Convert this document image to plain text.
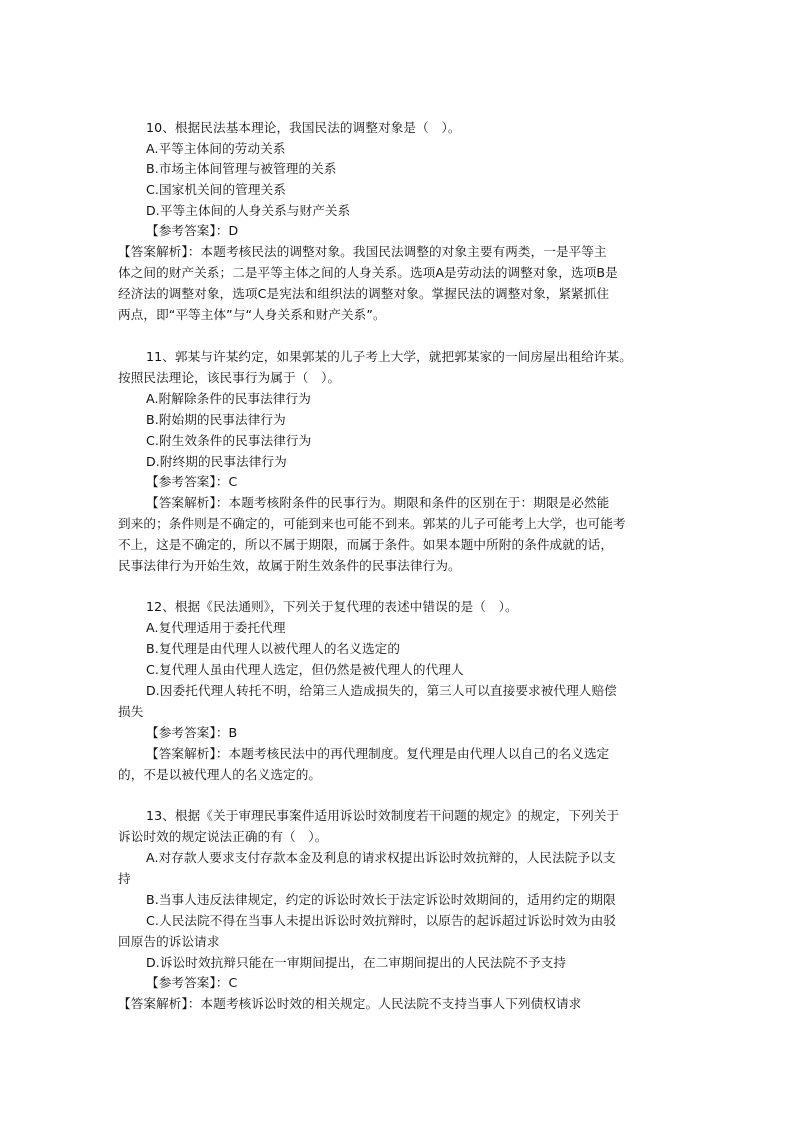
10、根据民法基本理论，我国民法的调整对象是（　）。
A.平等主体间的劳动关系
B.市场主体间管理与被管理的关系
C.国家机关间的管理关系
D.平等主体间的人身关系与财产关系
【参考答案】：D
【答案解析】：本题考核民法的调整对象。我国民法调整的对象主要有两类，一是平等主
体之间的财产关系；二是平等主体之间的人身关系。选项A是劳动法的调整对象，选项B是
经济法的调整对象，选项C是宪法和组织法的调整对象。掌握民法的调整对象，紧紧抓住
两点，即“平等主体”与“人身关系和财产关系”。
11、郭某与许某约定，如果郭某的儿子考上大学，就把郭某家的一间房屋出租给许某。
按照民法理论，该民事行为属于（　）。
A.附解除条件的民事法律行为
B.附始期的民事法律行为
C.附生效条件的民事法律行为
D.附终期的民事法律行为
【参考答案】：C
【答案解析】：本题考核附条件的民事行为。期限和条件的区别在于：期限是必然能
到来的；条件则是不确定的，可能到来也可能不到来。郭某的儿子可能考上大学，也可能考
不上，这是不确定的，所以不属于期限，而属于条件。如果本题中所附的条件成就的话，
民事法律行为开始生效，故属于附生效条件的民事法律行为。
12、根据《民法通则》，下列关于复代理的表述中错误的是（　）。
A.复代理适用于委托代理
B.复代理是由代理人以被代理人的名义选定的
C.复代理人虽由代理人选定，但仍然是被代理人的代理人
D.因委托代理人转托不明，给第三人造成损失的，第三人可以直接要求被代理人赔偿
损失
【参考答案】：B
【答案解析】：本题考核民法中的再代理制度。复代理是由代理人以自己的名义选定
的，不是以被代理人的名义选定的。
13、根据《关于审理民事案件适用诉讼时效制度若干问题的规定》的规定，下列关于
诉讼时效的规定说法正确的有（　）。
A.对存款人要求支付存款本金及利息的请求权提出诉讼时效抗辩的，人民法院予以支
持
B.当事人违反法律规定，约定的诉讼时效长于法定诉讼时效期间的，适用约定的期限
C.人民法院不得在当事人未提出诉讼时效抗辩时，以原告的起诉超过诉讼时效为由驳
回原告的诉讼请求
D.诉讼时效抗辩只能在一审期间提出，在二审期间提出的人民法院不予支持
【参考答案】：C
【答案解析】：本题考核诉讼时效的相关规定。人民法院不支持当事人下列债权请求
